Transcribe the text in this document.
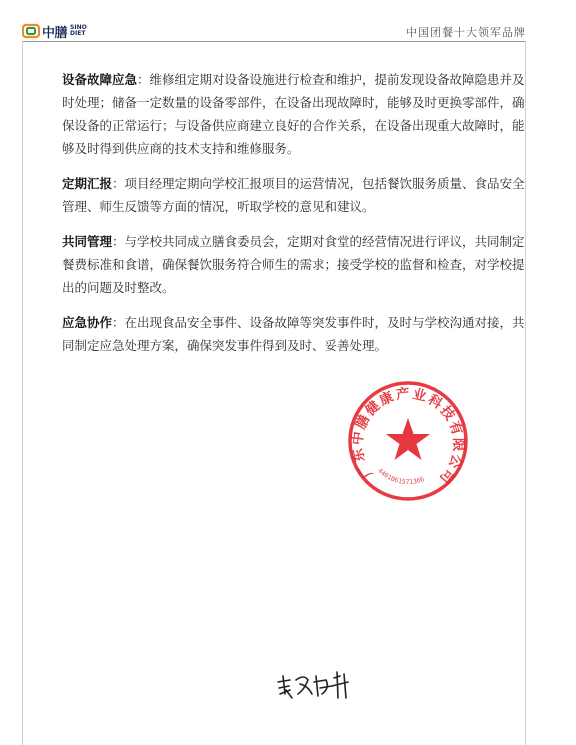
中膳 SINO
DIET	中国团餐十大领军品牌

设备故障应急：维修组定期对设备设施进行检查和维护，提前发现设备故障隐患并及时处理；储备一定数量的设备零部件，在设备出现故障时，能够及时更换零部件，确保设备的正常运行；与设备供应商建立良好的合作关系，在设备出现重大故障时，能够及时得到供应商的技术支持和维修服务。

定期汇报：项目经理定期向学校汇报项目的运营情况，包括餐饮服务质量、食品安全管理、师生反馈等方面的情况，听取学校的意见和建议。

共同管理：与学校共同成立膳食委员会，定期对食堂的经营情况进行评议，共同制定餐费标准和食谱，确保餐饮服务符合师生的需求；接受学校的监督和检查，对学校提出的问题及时整改。

应急协作：在出现食品安全事件、设备故障等突发事件时，及时与学校沟通对接，共同制定应急处理方案，确保突发事件得到及时、妥善处理。

广东中膳健康产业科技有限公司
4401061571366
